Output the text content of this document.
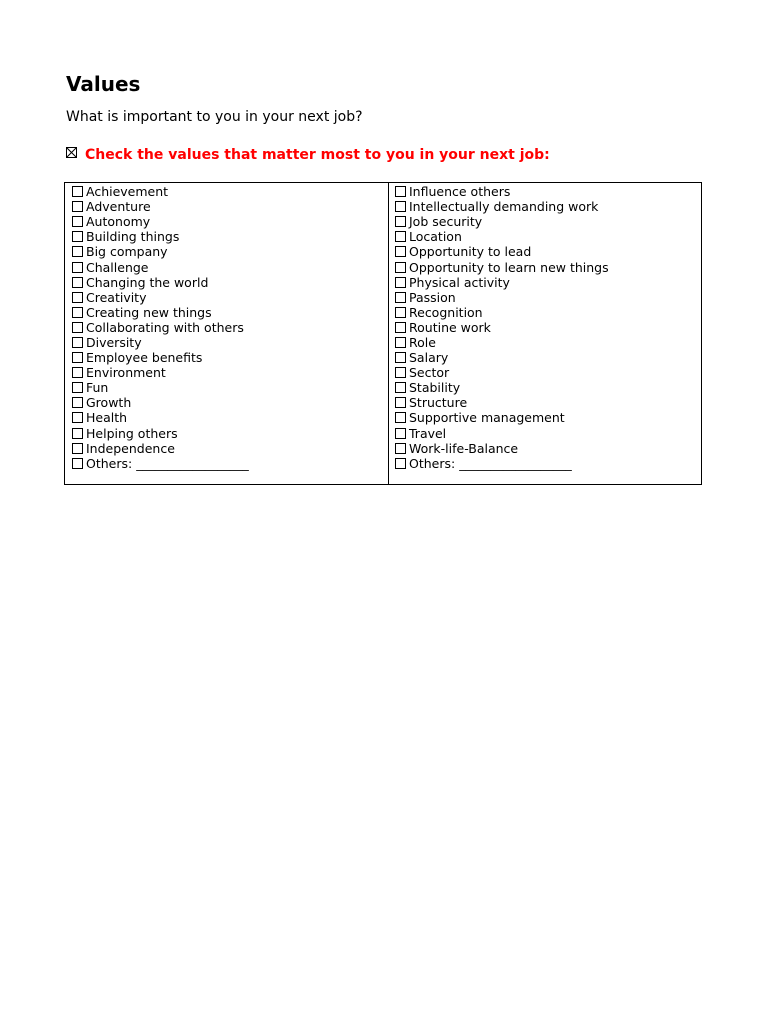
Values

What is important to you in your next job?

Check the values that matter most to you in your next job:
Achievement
Adventure
Autonomy
Building things
Big company
Challenge
Changing the world
Creativity
Creating new things
Collaborating with others
Diversity
Employee benefits
Environment
Fun
Growth
Health
Helping others
Independence
Others: __________________
Influence others
Intellectually demanding work
Job security
Location
Opportunity to lead
Opportunity to learn new things
Physical activity
Passion
Recognition
Routine work
Role
Salary
Sector
Stability
Structure
Supportive management
Travel
Work-life-Balance
Others: __________________
